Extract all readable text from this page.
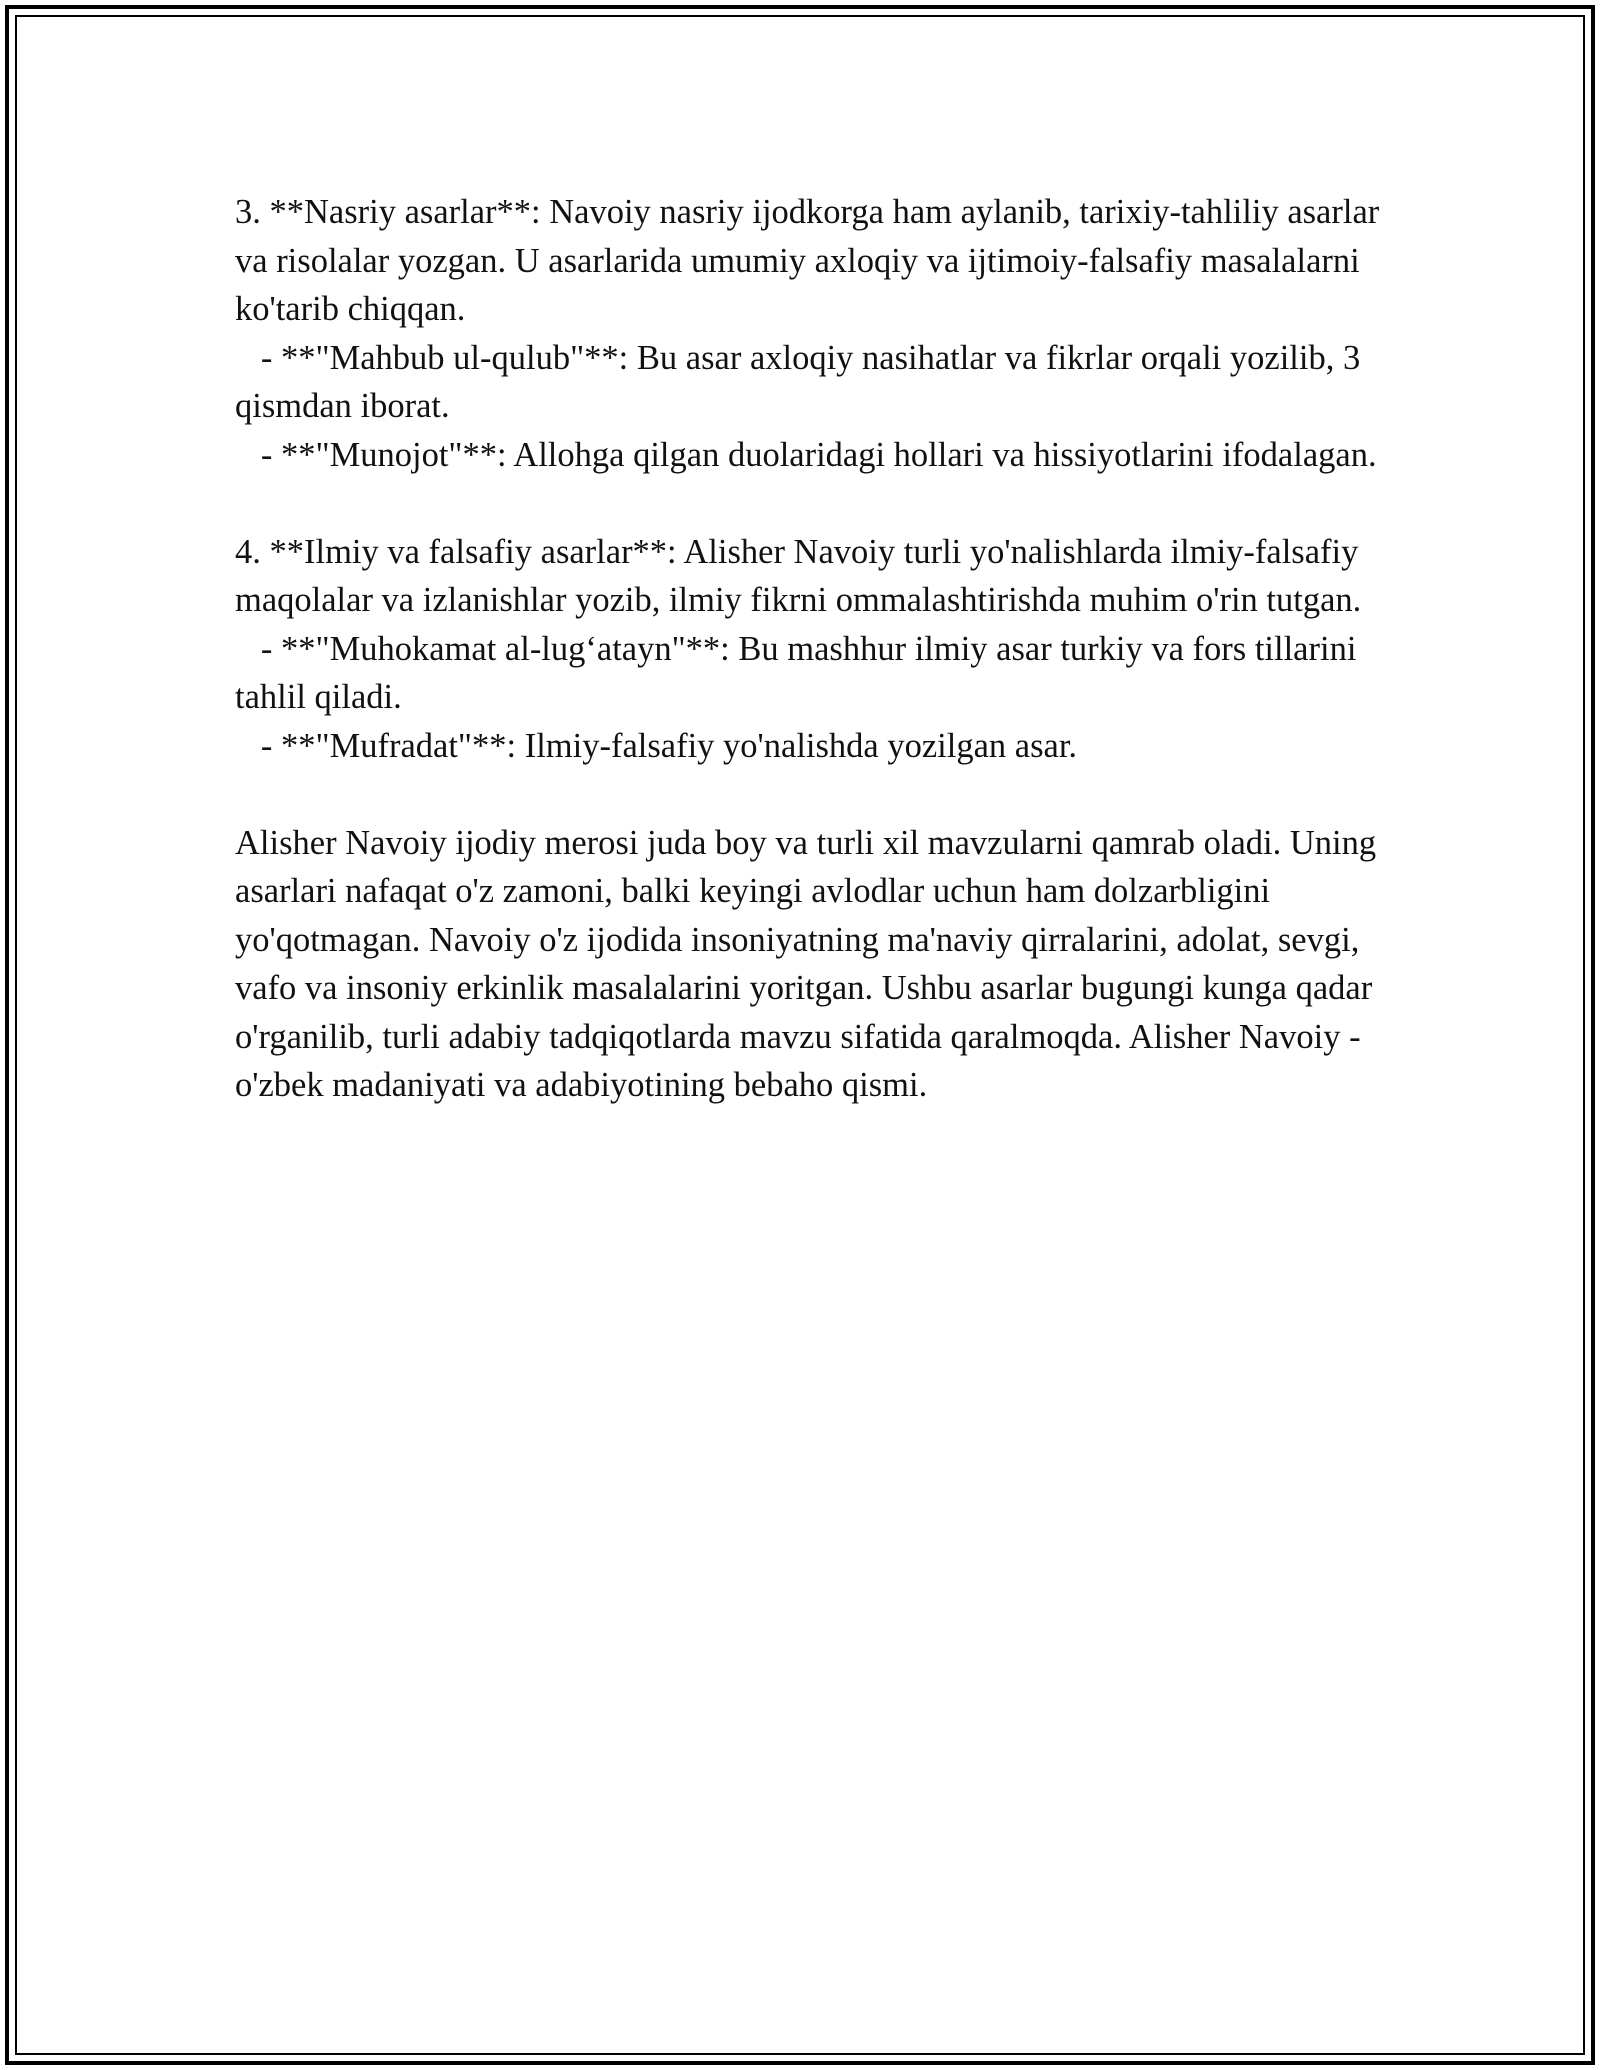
3. **Nasriy asarlar**: Navoiy nasriy ijodkorga ham aylanib, tarixiy-tahliliy asarlar va risolalar yozgan. U asarlarida umumiy axloqiy va ijtimoiy-falsafiy masalalarni ko'tarib chiqqan.

- **"Mahbub ul-qulub"**: Bu asar axloqiy nasihatlar va fikrlar orqali yozilib, 3 qismdan iborat.

- **"Munojot"**: Allohga qilgan duolaridagi hollari va hissiyotlarini ifodalagan.

4. **Ilmiy va falsafiy asarlar**: Alisher Navoiy turli yo'nalishlarda ilmiy-falsafiy maqolalar va izlanishlar yozib, ilmiy fikrni ommalashtirishda muhim o'rin tutgan.

- **"Muhokamat al-lug‘atayn"**: Bu mashhur ilmiy asar turkiy va fors tillarini tahlil qiladi.

- **"Mufradat"**: Ilmiy-falsafiy yo'nalishda yozilgan asar.

Alisher Navoiy ijodiy merosi juda boy va turli xil mavzularni qamrab oladi. Uning asarlari nafaqat o'z zamoni, balki keyingi avlodlar uchun ham dolzarbligini yo'qotmagan. Navoiy o'z ijodida insoniyatning ma'naviy qirralarini, adolat, sevgi, vafo va insoniy erkinlik masalalarini yoritgan. Ushbu asarlar bugungi kunga qadar o'rganilib, turli adabiy tadqiqotlarda mavzu sifatida qaralmoqda. Alisher Navoiy - o'zbek madaniyati va adabiyotining bebaho qismi.
